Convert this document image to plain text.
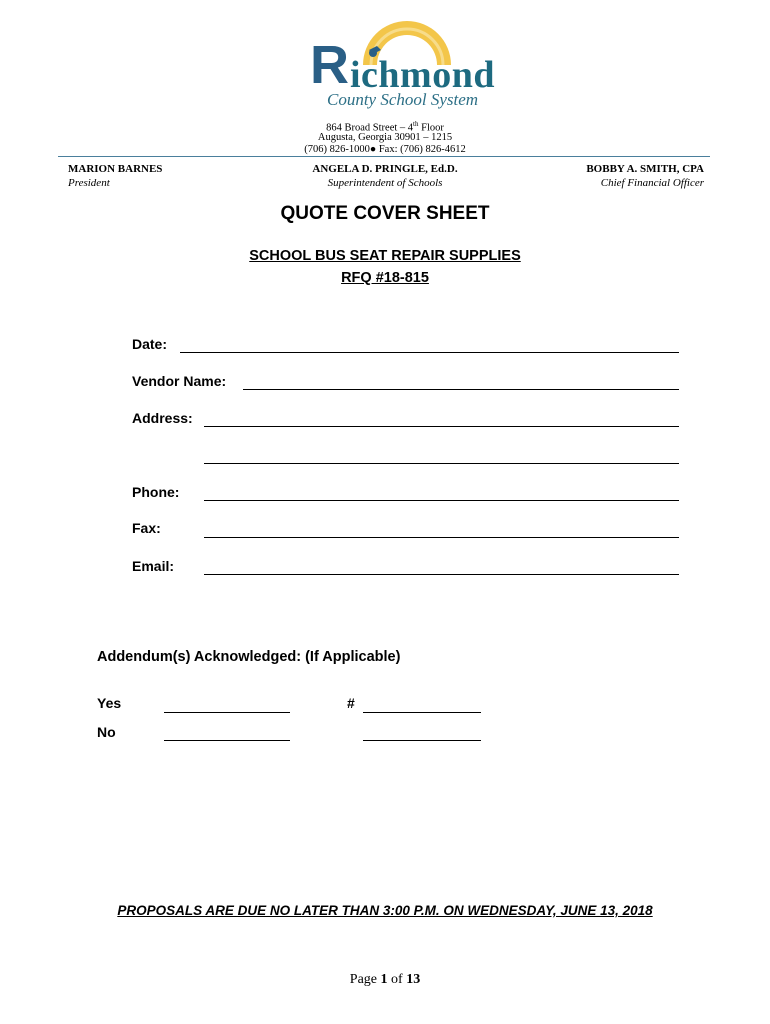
R ichmond
County School System
864 Broad Street – 4th Floor
Augusta, Georgia 30901 – 1215
(706) 826-1000● Fax: (706) 826-4612
MARION BARNES
President
ANGELA D. PRINGLE, Ed.D.
Superintendent of Schools
BOBBY A. SMITH, CPA
Chief Financial Officer
QUOTE COVER SHEET
SCHOOL BUS SEAT REPAIR SUPPLIES
RFQ #18-815
Date:
Vendor Name:
Address:
Phone:
Fax:
Email:
Addendum(s) Acknowledged: (If Applicable)
Yes	#
No
PROPOSALS ARE DUE NO LATER THAN 3:00 P.M. ON WEDNESDAY, JUNE 13, 2018
Page 1 of 13
